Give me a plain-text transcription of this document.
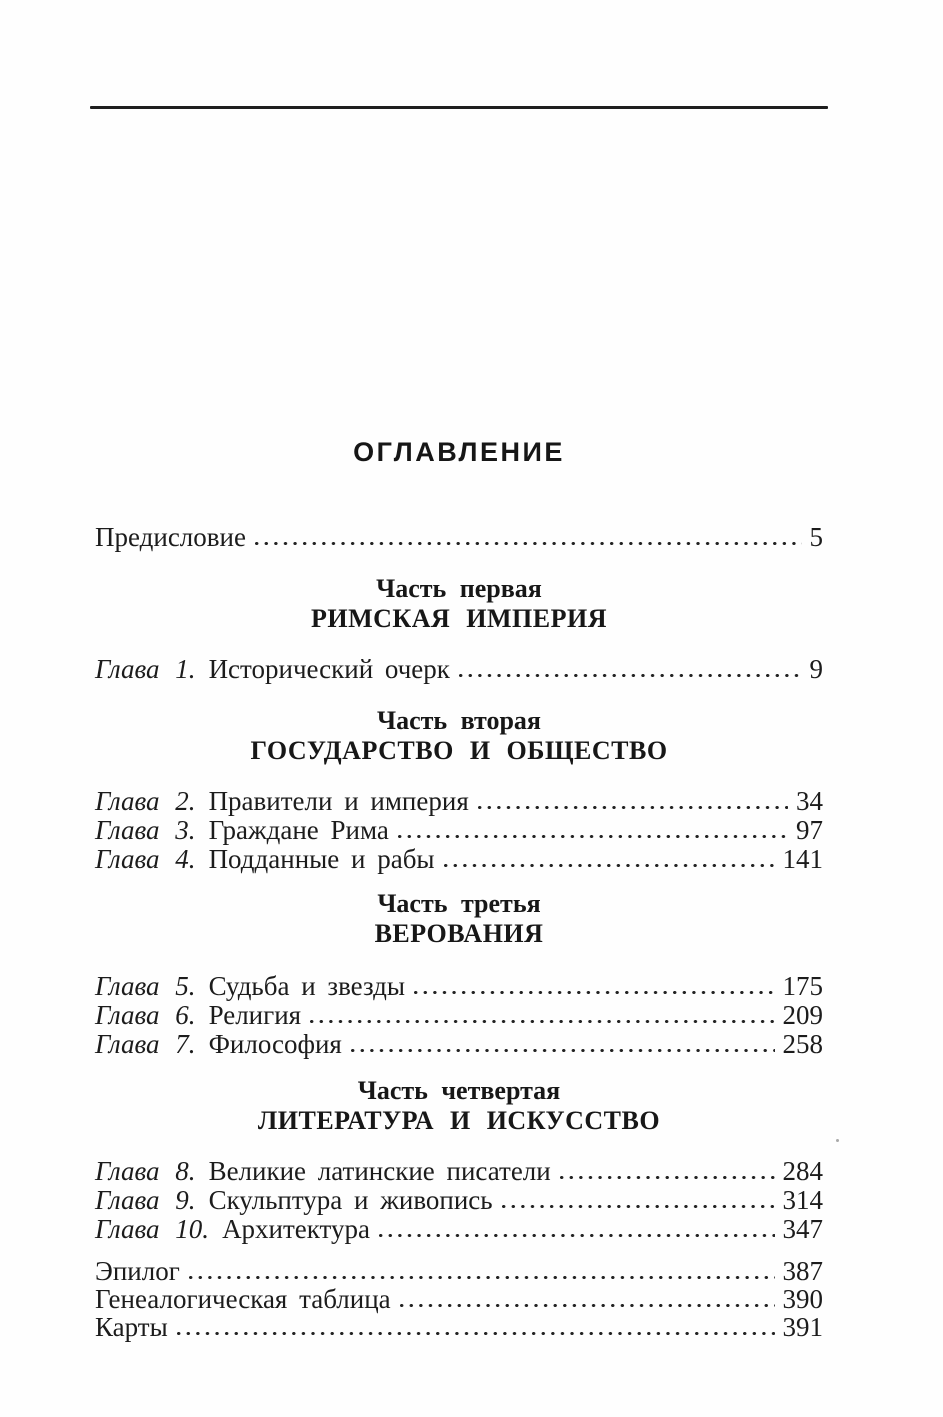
ОГЛАВЛЕНИЕ
Предисловие	5
Часть первая
РИМСКАЯ ИМПЕРИЯ
Глава 1. Исторический очерк	9
Часть вторая
ГОСУДАРСТВО И ОБЩЕСТВО
Глава 2. Правители и империя	34
Глава 3. Граждане Рима	97
Глава 4. Подданные и рабы	141
Часть третья
ВЕРОВАНИЯ
Глава 5. Судьба и звезды	175
Глава 6. Религия	209
Глава 7. Философия	258
Часть четвертая
ЛИТЕРАТУРА И ИСКУССТВО
Глава 8. Великие латинские писатели	284
Глава 9. Скульптура и живопись	314
Глава 10. Архитектура	347
Эпилог	387
Генеалогическая таблица	390
Карты	391
